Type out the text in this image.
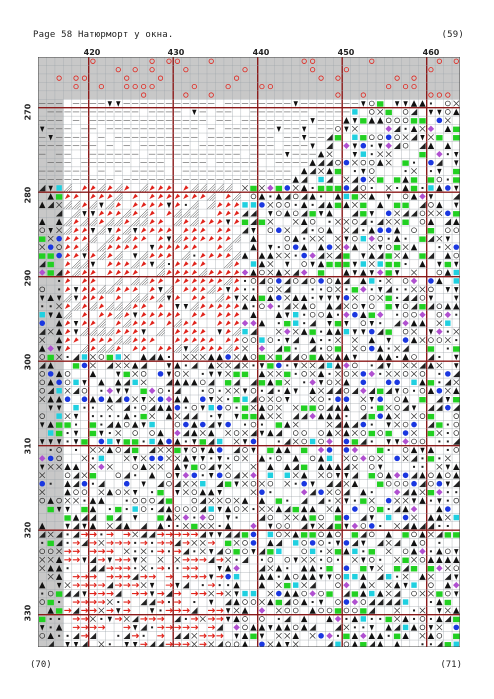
Page 58 Натюрморт у окна.	(59)
420	430	440	450	460
270
280
290
300
310
320
330
(70)	(71)
